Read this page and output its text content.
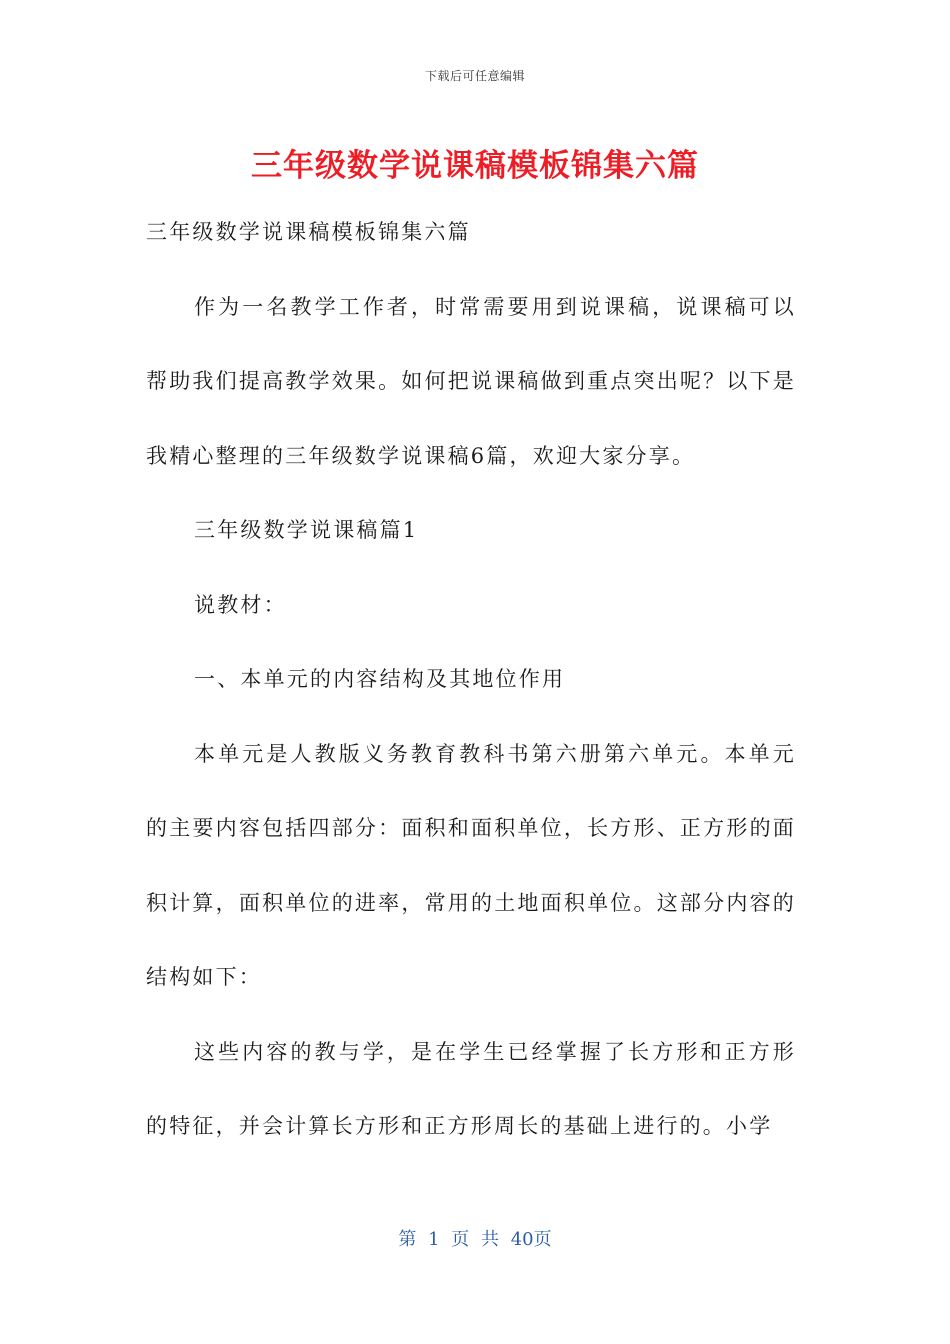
下载后可任意编辑
三年级数学说课稿模板锦集六篇

三年级数学说课稿模板锦集六篇

作为一名教学工作者，时常需要用到说课稿，说课稿可以帮助我们提高教学效果。如何把说课稿做到重点突出呢？以下是我精心整理的三年级数学说课稿6篇，欢迎大家分享。

三年级数学说课稿篇1

说教材：

一、本单元的内容结构及其地位作用

本单元是人教版义务教育教科书第六册第六单元。本单元的主要内容包括四部分：面积和面积单位，长方形、正方形的面积计算，面积单位的进率，常用的土地面积单位。这部分内容的结构如下：

这些内容的教与学，是在学生已经掌握了长方形和正方形的特征，并会计算长方形和正方形周长的基础上进行的。小学

第 1 页 共 40页
